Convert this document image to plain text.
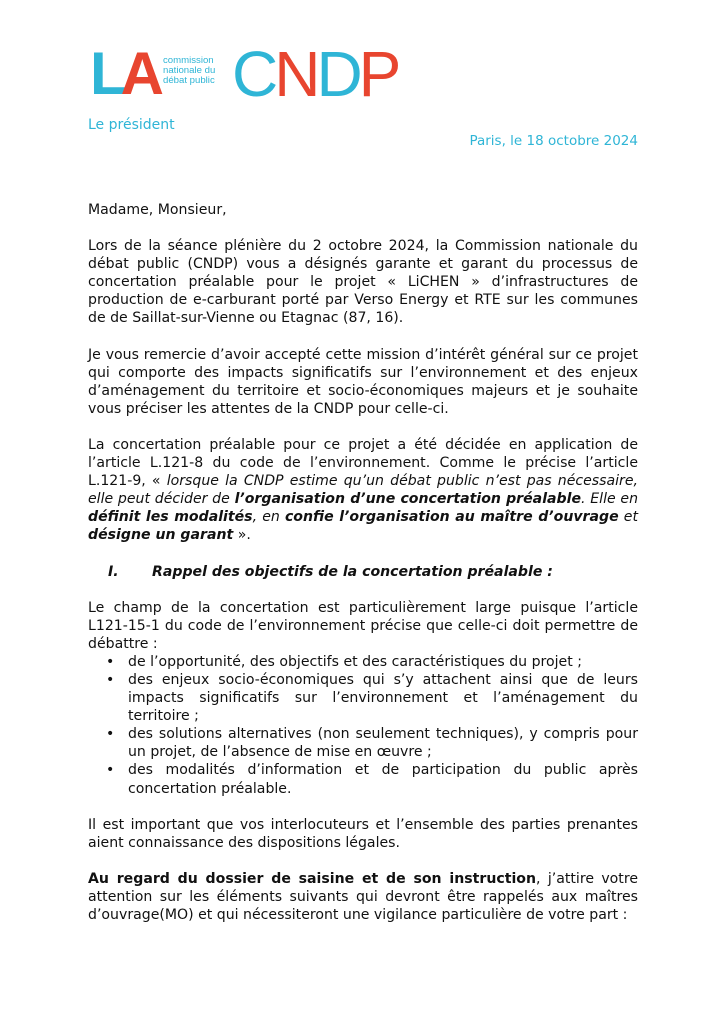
LA CNDP
commission
nationale du
débat public
Le président
Paris, le 18 octobre 2024

Madame, Monsieur,

Lors de la séance plénière du 2 octobre 2024, la Commission nationale du débat public (CNDP) vous a désignés garante et garant du processus de concertation préalable pour le projet « LiCHEN » d’infrastructures de production de e-carburant porté par Verso Energy et RTE sur les communes de de Saillat-sur-Vienne ou Etagnac (87, 16).

Je vous remercie d’avoir accepté cette mission d’intérêt général sur ce projet qui comporte des impacts significatifs sur l’environnement et des enjeux d’aménagement du territoire et socio-économiques majeurs et je souhaite vous préciser les attentes de la CNDP pour celle-ci.

La concertation préalable pour ce projet a été décidée en application de l’article L.121-8 du code de l’environnement. Comme le précise l’article L.121-9, « lorsque la CNDP estime qu’un débat public n’est pas nécessaire, elle peut décider de l’organisation d’une concertation préalable. Elle en définit les modalités, en confie l’organisation au maître d’ouvrage et désigne un garant ».

I. Rappel des objectifs de la concertation préalable :

Le champ de la concertation est particulièrement large puisque l’article L121-15-1 du code de l’environnement précise que celle-ci doit permettre de débattre :

• de l’opportunité, des objectifs et des caractéristiques du projet ;
• des enjeux socio-économiques qui s’y attachent ainsi que de leurs impacts significatifs sur l’environnement et l’aménagement du territoire ;
• des solutions alternatives (non seulement techniques), y compris pour un projet, de l’absence de mise en œuvre ;
• des modalités d’information et de participation du public après concertation préalable.

Il est important que vos interlocuteurs et l’ensemble des parties prenantes aient connaissance des dispositions légales.

Au regard du dossier de saisine et de son instruction, j’attire votre attention sur les éléments suivants qui devront être rappelés aux maîtres d’ouvrage(MO) et qui nécessiteront une vigilance particulière de votre part :
